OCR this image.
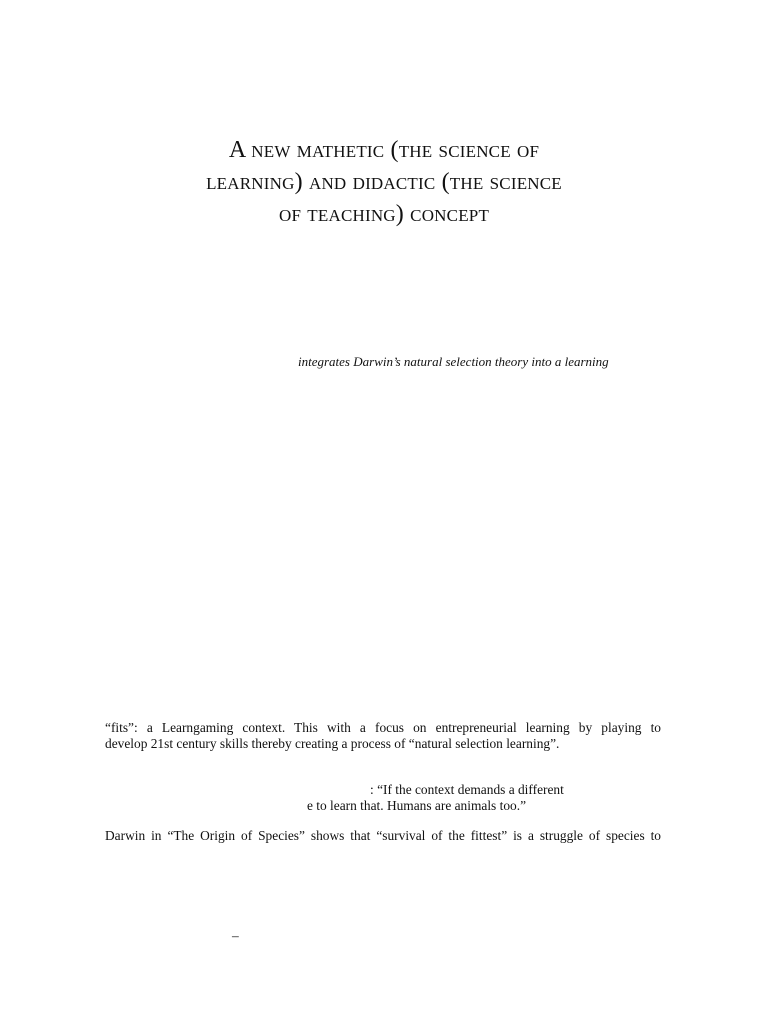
A new mathetic (the science of
learning) and didactic (the science
of teaching) concept
integrates Darwin’s natural selection theory into a learning

“fits”: a Learngaming context. This with a focus on entrepreneurial learning by playing to
develop 21st century skills thereby creating a process of “natural selection learning”.

: “If the context demands a different
e to learn that. Humans are animals too.”

Darwin in “The Origin of Species” shows that “survival of the fittest” is a struggle of species to

–
